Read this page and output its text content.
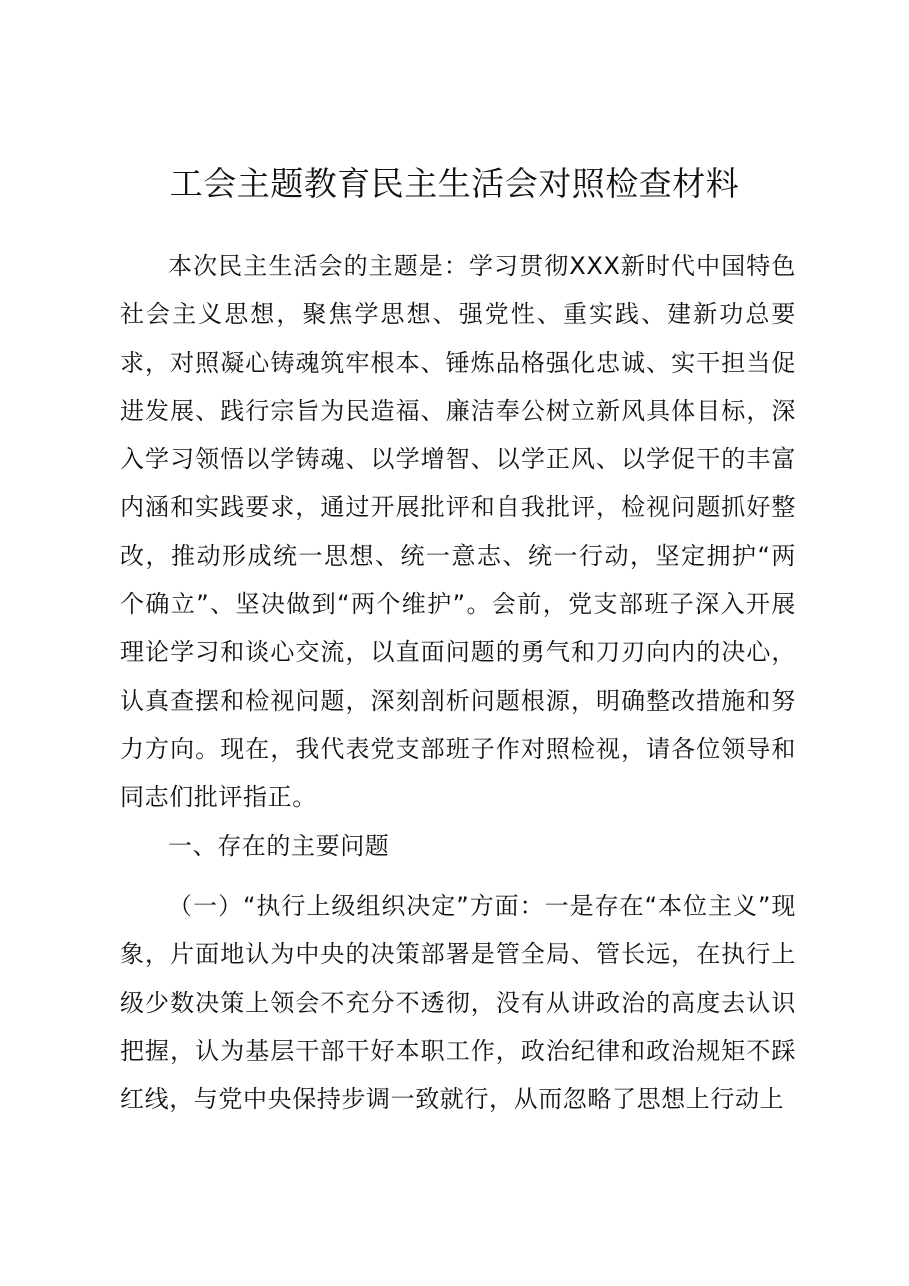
工会主题教育民主生活会对照检查材料

本次民主生活会的主题是：学习贯彻XXX新时代中国特色社会主义思想，聚焦学思想、强党性、重实践、建新功总要求，对照凝心铸魂筑牢根本、锤炼品格强化忠诚、实干担当促进发展、践行宗旨为民造福、廉洁奉公树立新风具体目标，深入学习领悟以学铸魂、以学增智、以学正风、以学促干的丰富内涵和实践要求，通过开展批评和自我批评，检视问题抓好整改，推动形成统一思想、统一意志、统一行动，坚定拥护“两个确立”、坚决做到“两个维护”。会前，党支部班子深入开展理论学习和谈心交流，以直面问题的勇气和刀刃向内的决心，认真查摆和检视问题，深刻剖析问题根源，明确整改措施和努力方向。现在，我代表党支部班子作对照检视，请各位领导和同志们批评指正。

一、存在的主要问题

（一）“执行上级组织决定”方面：一是存在“本位主义”现象，片面地认为中央的决策部署是管全局、管长远，在执行上级少数决策上领会不充分不透彻，没有从讲政治的高度去认识把握，认为基层干部干好本职工作，政治纪律和政治规矩不踩红线，与党中央保持步调一致就行，从而忽略了思想上行动上
